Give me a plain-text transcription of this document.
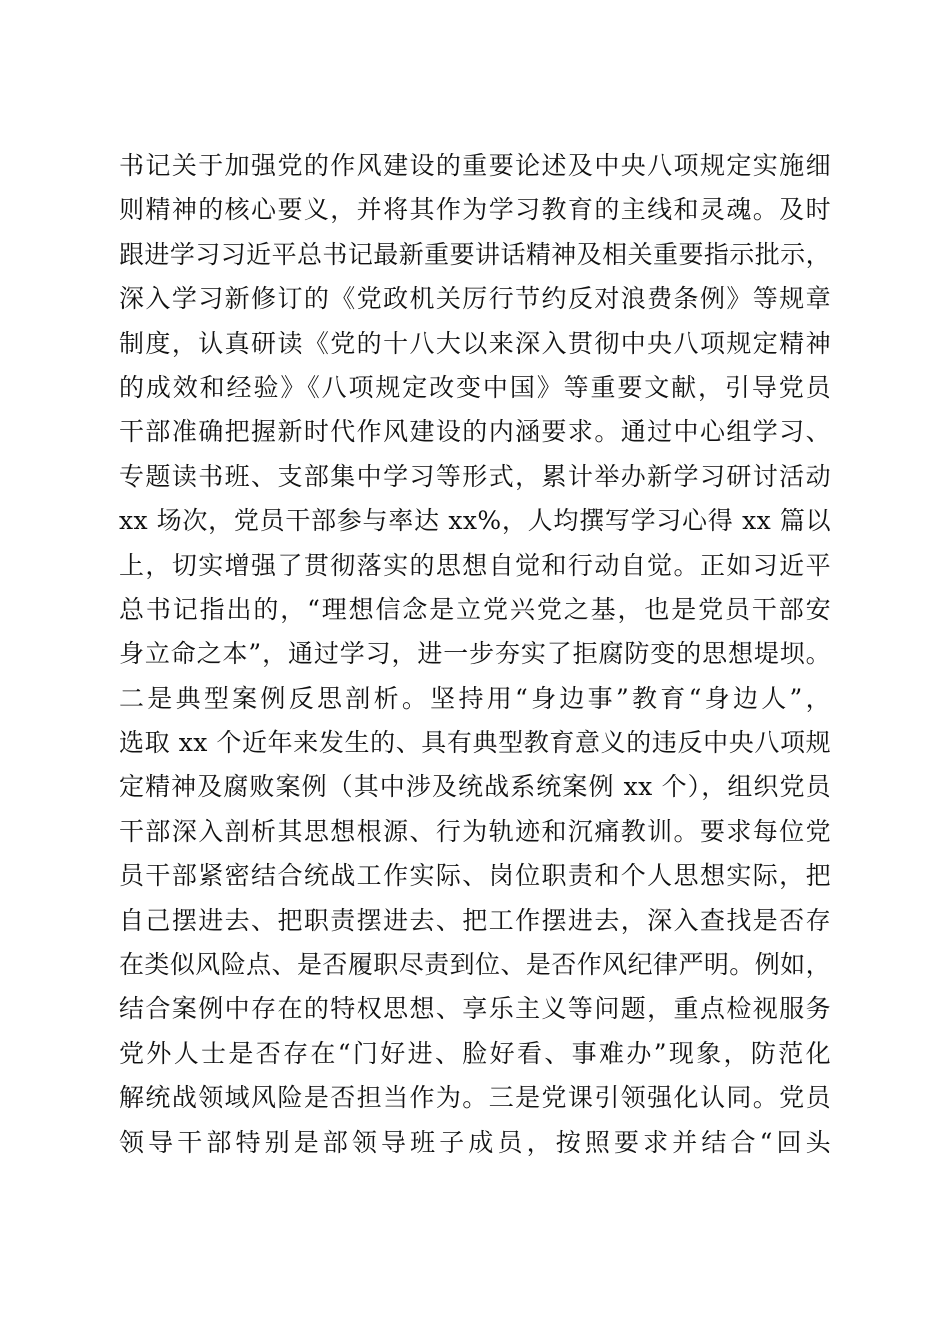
书记关于加强党的作风建设的重要论述及中央八项规定实施细
则精神的核心要义，并将其作为学习教育的主线和灵魂。及时
跟进学习习近平总书记最新重要讲话精神及相关重要指示批示，
深入学习新修订的《党政机关厉行节约反对浪费条例》等规章
制度，认真研读《党的十八大以来深入贯彻中央八项规定精神
的成效和经验》《八项规定改变中国》等重要文献，引导党员
干部准确把握新时代作风建设的内涵要求。通过中心组学习、
专题读书班、支部集中学习等形式，累计举办新学习研讨活动
xx 场次，党员干部参与率达 xx%，人均撰写学习心得 xx 篇以
上，切实增强了贯彻落实的思想自觉和行动自觉。正如习近平
总书记指出的，“理想信念是立党兴党之基，也是党员干部安
身立命之本”，通过学习，进一步夯实了拒腐防变的思想堤坝。
二是典型案例反思剖析。坚持用“身边事”教育“身边人”，
选取 xx 个近年来发生的、具有典型教育意义的违反中央八项规
定精神及腐败案例（其中涉及统战系统案例 xx 个），组织党员
干部深入剖析其思想根源、行为轨迹和沉痛教训。要求每位党
员干部紧密结合统战工作实际、岗位职责和个人思想实际，把
自己摆进去、把职责摆进去、把工作摆进去，深入查找是否存
在类似风险点、是否履职尽责到位、是否作风纪律严明。例如，
结合案例中存在的特权思想、享乐主义等问题，重点检视服务
党外人士是否存在“门好进、脸好看、事难办”现象，防范化
解统战领域风险是否担当作为。三是党课引领强化认同。党员
领导干部特别是部领导班子成员，按照要求并结合“回头
